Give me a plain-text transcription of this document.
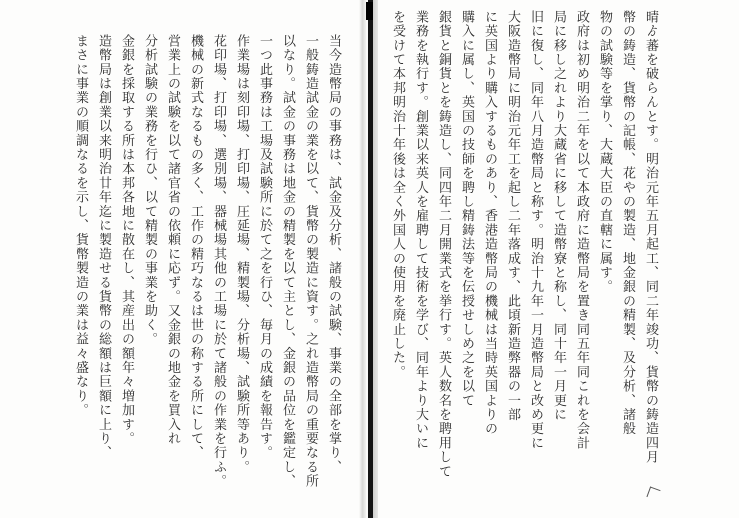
当今造幣局の事務は、試金及分析、諸般の試験、事業の全部を掌り、
一般鋳造試金の業を以て、貨幣の製造に資す。之れ造幣局の重要なる所
以なり。試金の事務は地金の精製を以て主とし、金銀の品位を鑑定し、
一つ此事務は工場及試験所に於て之を行ひ、毎月の成績を報告す。
作業場は刻印場、打印場、圧延場、精製場、分析場、試験所等あり。
花印場、打印場、選別場、器械場其他の工場に於て諸般の作業を行ふ。
機械の新式なるもの多く、工作の精巧なるは世の称する所にして、
営業上の試験を以て諸官省の依頼に応ず。又金銀の地金を買入れ
分析試験の業務を行ひ、以て精製の事業を助く。
金銀を採取する所は本邦各地に散在し、其産出の額年々増加す。
造幣局は創業以来明治廿年迄に製造せる貨幣の総額は巨額に上り、
まさに事業の順調なるを示し、貨幣製造の業は益々盛なり。	晴ゟ蕃を破らんとす。明治元年五月起工、同二年竣功、貨幣の鋳造四月
幣の鋳造、貨幣の記帳、花やの製造、地金銀の精製、及分析、諸般
物の試験等を掌り、大蔵大臣の直轄に属す。
政府は初め明治二年を以て本政府に造幣局を置き同五年同これを会計
局に移し之れより大蔵省に移して造幣寮と称し、同十年一月更に
旧に復し、同年八月造幣局と称す。明治十九年一月造幣局と改め更に
大阪造幣局に明治元年工を起し二年落成す、此頃新造弊器の一部
に英国より購入するものあり、香港造幣局の機械は当時英国よりの
購入に属し、英国の技師を聘し精鋳法等を伝授せしめ之を以て
銀貨と銅貨とを鋳造し、同四年二月開業式を挙行す。英人数名を聘用して
業務を執行す。創業以来英人を雇聘して技術を学び、同年より大いに
を受けて本邦明治十年後は全く外国人の使用を廃止した。
